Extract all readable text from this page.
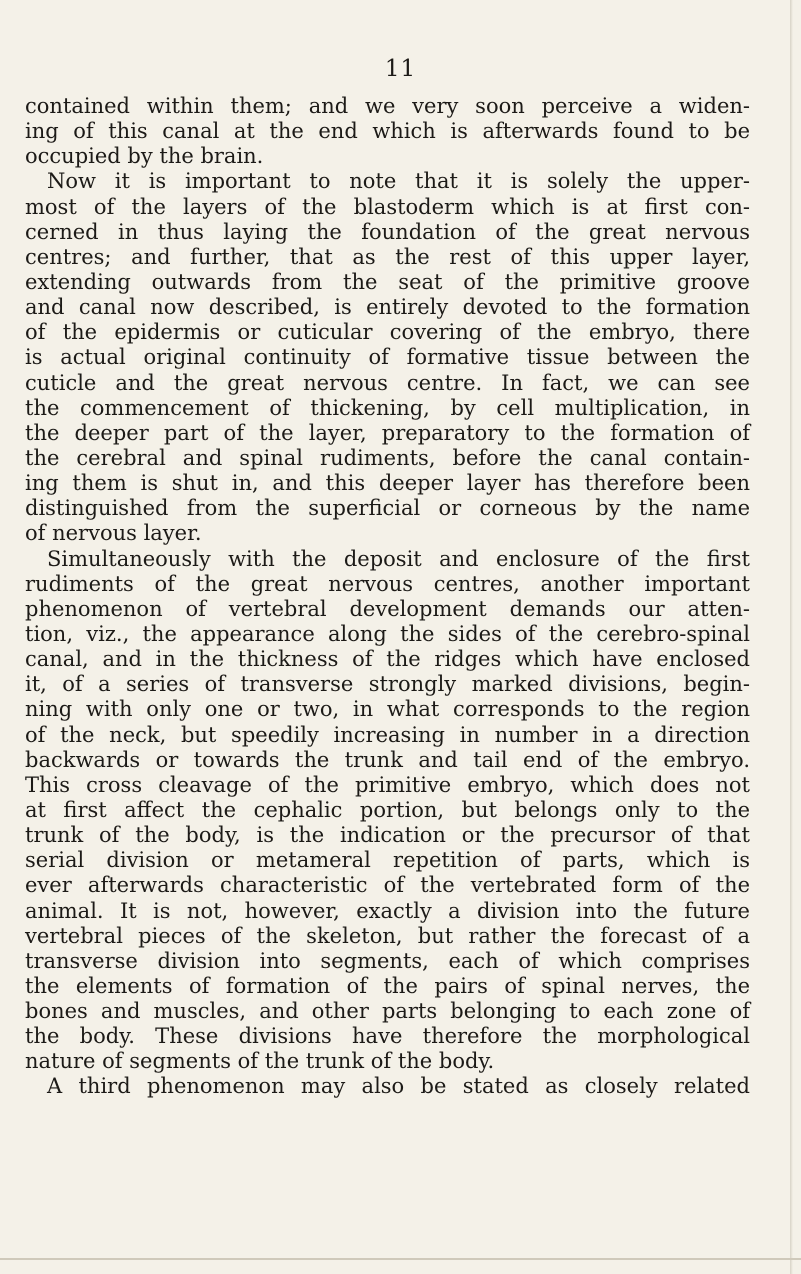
11
contained within them; and we very soon perceive a widen-
ing of this canal at the end which is afterwards found to be
occupied by the brain.
Now it is important to note that it is solely the upper-
most of the layers of the blastoderm which is at first con-
cerned in thus laying the foundation of the great nervous
centres; and further, that as the rest of this upper layer,
extending outwards from the seat of the primitive groove
and canal now described, is entirely devoted to the formation
of the epidermis or cuticular covering of the embryo, there
is actual original continuity of formative tissue between the
cuticle and the great nervous centre. In fact, we can see
the commencement of thickening, by cell multiplication, in
the deeper part of the layer, preparatory to the formation of
the cerebral and spinal rudiments, before the canal contain-
ing them is shut in, and this deeper layer has therefore been
distinguished from the superficial or corneous by the name
of nervous layer.
Simultaneously with the deposit and enclosure of the first
rudiments of the great nervous centres, another important
phenomenon of vertebral development demands our atten-
tion, viz., the appearance along the sides of the cerebro-spinal
canal, and in the thickness of the ridges which have enclosed
it, of a series of transverse strongly marked divisions, begin-
ning with only one or two, in what corresponds to the region
of the neck, but speedily increasing in number in a direction
backwards or towards the trunk and tail end of the embryo.
This cross cleavage of the primitive embryo, which does not
at first affect the cephalic portion, but belongs only to the
trunk of the body, is the indication or the precursor of that
serial division or metameral repetition of parts, which is
ever afterwards characteristic of the vertebrated form of the
animal. It is not, however, exactly a division into the future
vertebral pieces of the skeleton, but rather the forecast of a
transverse division into segments, each of which comprises
the elements of formation of the pairs of spinal nerves, the
bones and muscles, and other parts belonging to each zone of
the body. These divisions have therefore the morphological
nature of segments of the trunk of the body.
A third phenomenon may also be stated as closely related
